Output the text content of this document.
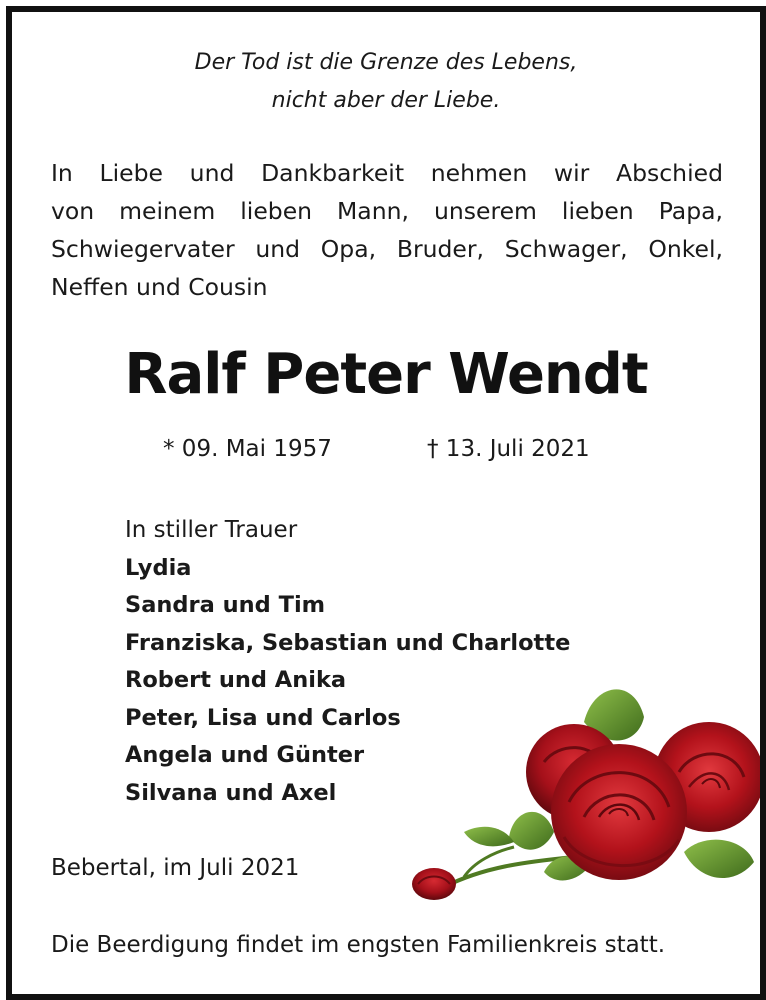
Der Tod ist die Grenze des Lebens,
nicht aber der Liebe.
In Liebe und Dankbarkeit nehmen wir Abschied
von meinem lieben Mann, unserem lieben Papa,
Schwiegervater und Opa, Bruder, Schwager, Onkel,
Neffen und Cousin
Ralf Peter Wendt
* 09. Mai 1957	† 13. Juli 2021
In stiller Trauer
Lydia
Sandra und Tim
Franziska, Sebastian und Charlotte
Robert und Anika
Peter, Lisa und Carlos
Angela und Günter
Silvana und Axel
Bebertal, im Juli 2021
Die Beerdigung findet im engsten Familienkreis statt.
